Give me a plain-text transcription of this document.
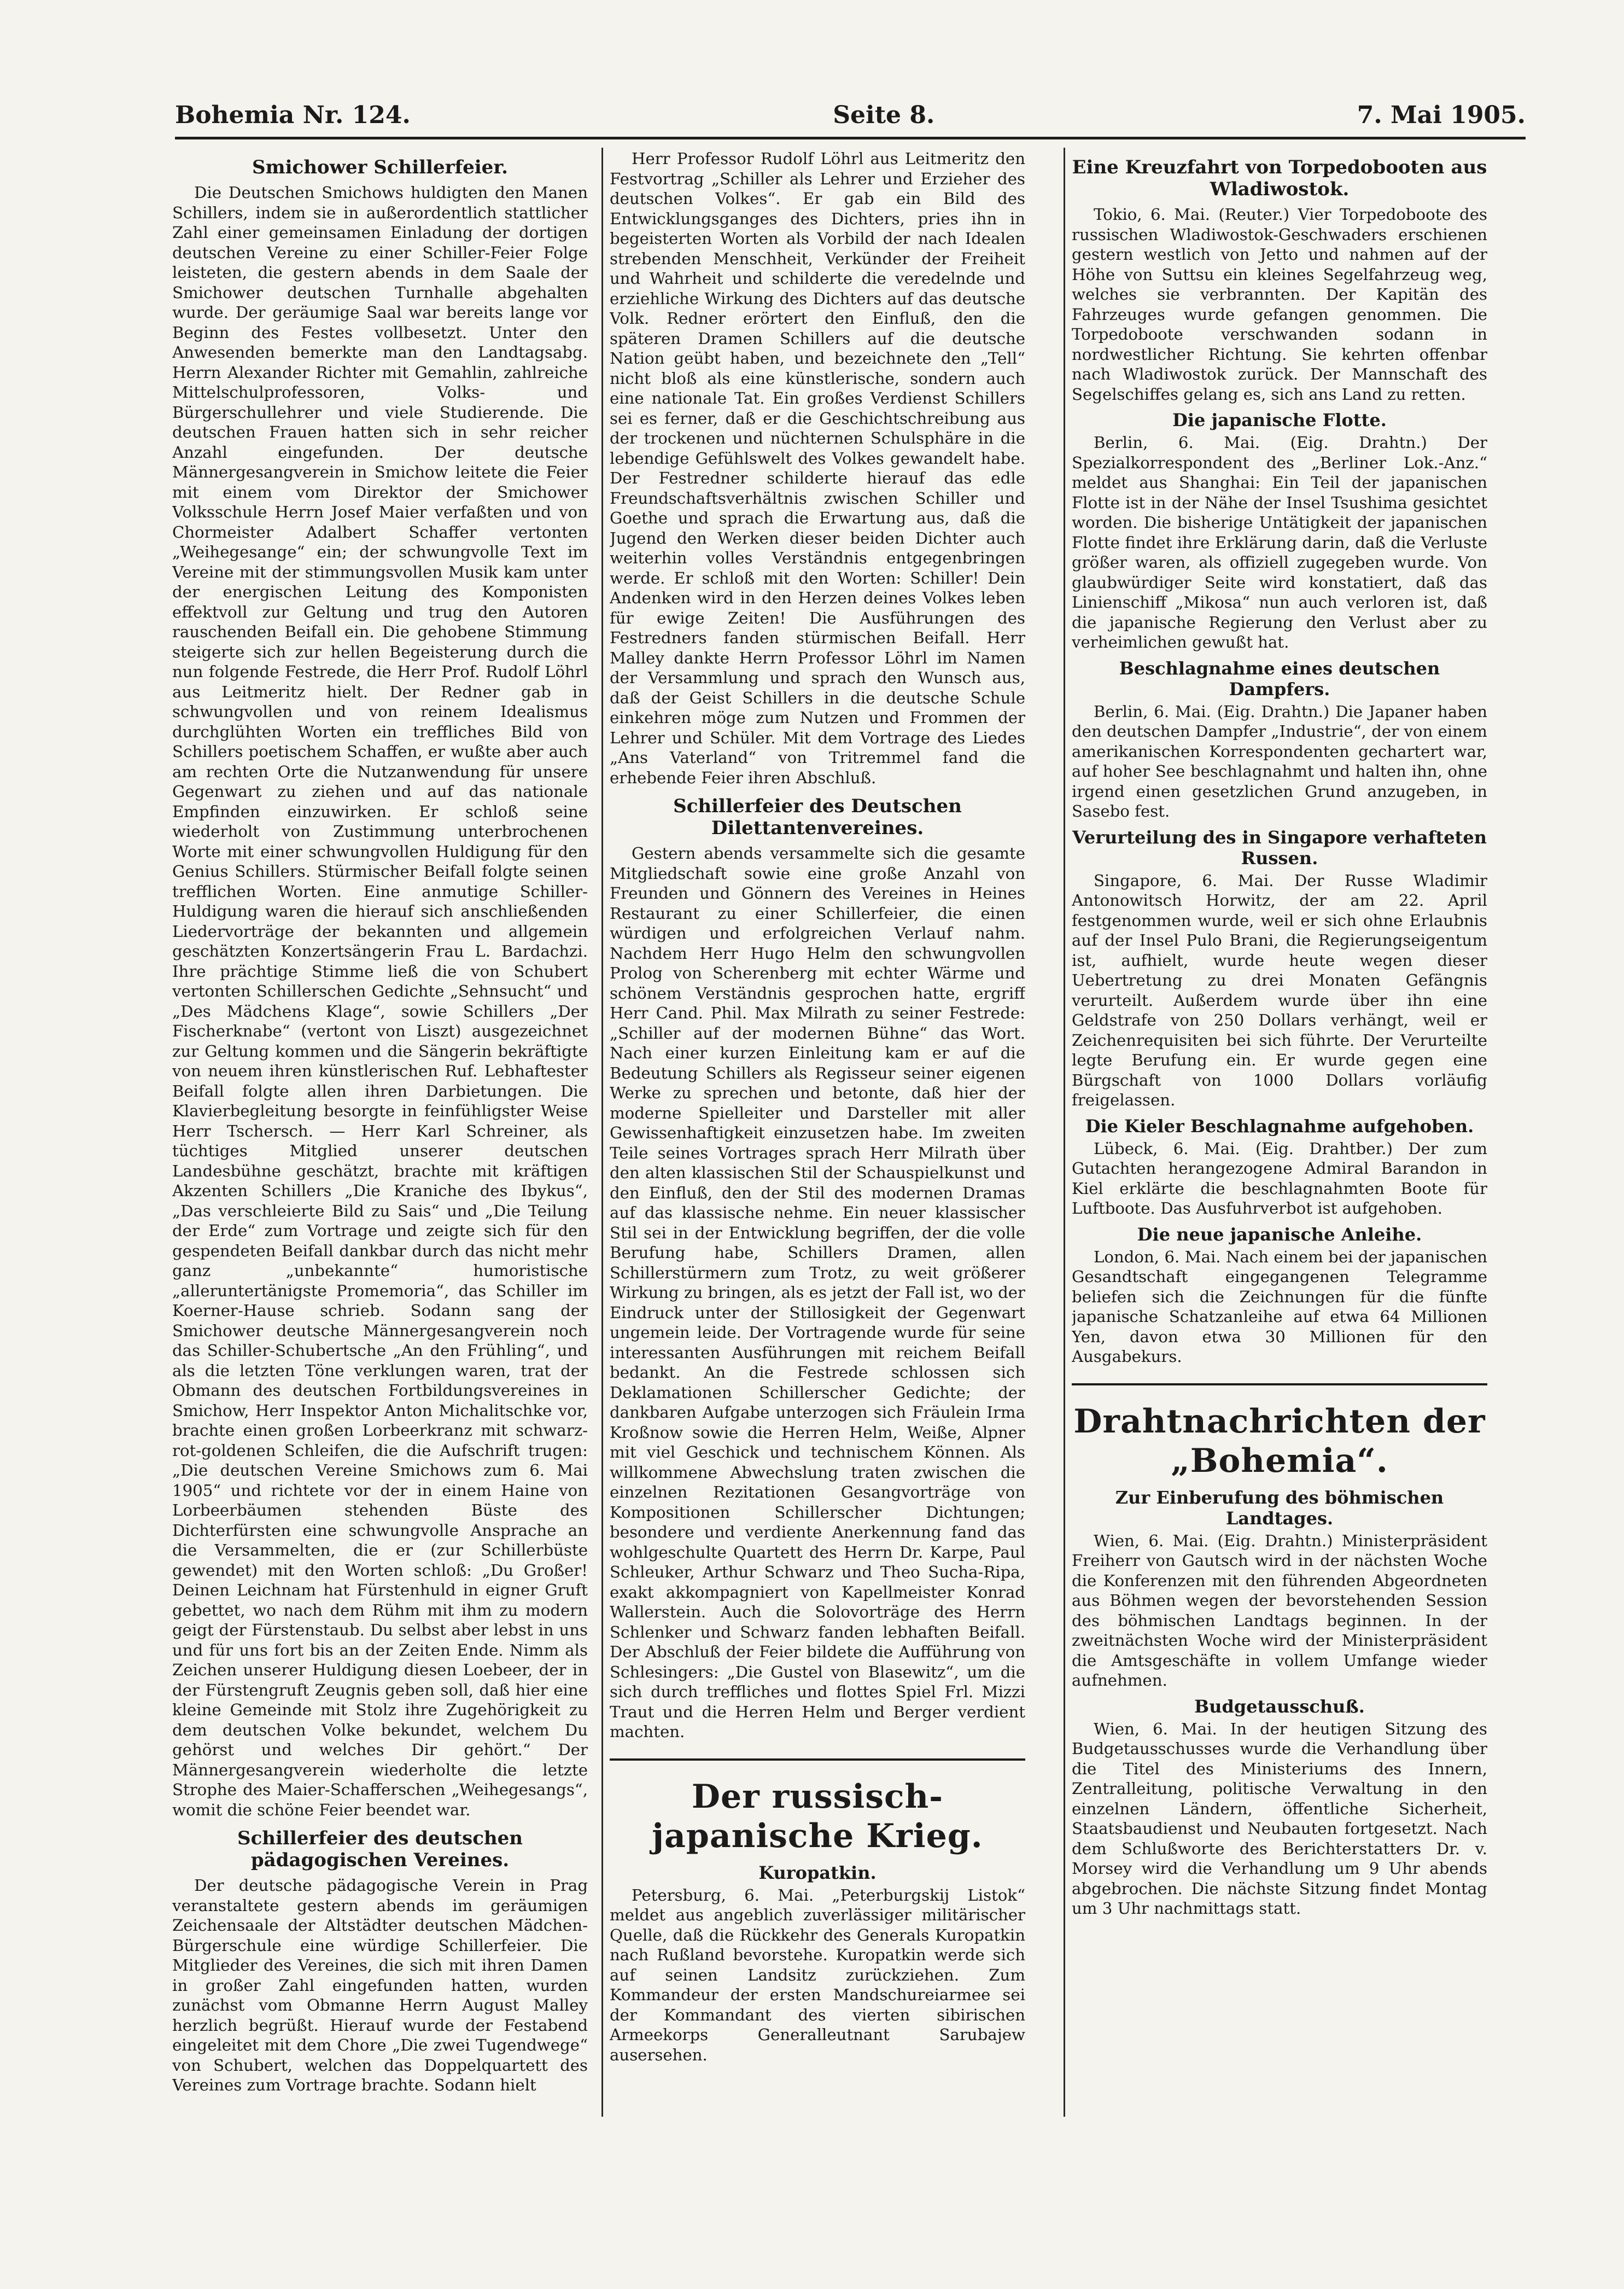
Bohemia Nr. 124.	Seite 8.	7. Mai 1905.
Smichower Schillerfeier.

Die Deutschen Smichows huldigten den Manen Schillers, indem sie in außerordentlich stattlicher Zahl einer gemeinsamen Einladung der dortigen deutschen Vereine zu einer Schiller-Feier Folge leisteten, die gestern abends in dem Saale der Smichower deutschen Turnhalle abgehalten wurde. Der geräumige Saal war bereits lange vor Beginn des Festes vollbesetzt. Unter den Anwesenden bemerkte man den Landtagsabg. Herrn Alexander Richter mit Gemahlin, zahlreiche Mittelschulprofessoren, Volks- und Bürgerschullehrer und viele Studierende. Die deutschen Frauen hatten sich in sehr reicher Anzahl eingefunden. Der deutsche Männergesangverein in Smichow leitete die Feier mit einem vom Direktor der Smichower Volksschule Herrn Josef Maier verfaßten und von Chormeister Adalbert Schaffer vertonten „Weihegesange“ ein; der schwungvolle Text im Vereine mit der stimmungsvollen Musik kam unter der energischen Leitung des Komponisten effektvoll zur Geltung und trug den Autoren rauschenden Beifall ein. Die gehobene Stimmung steigerte sich zur hellen Begeisterung durch die nun folgende Festrede, die Herr Prof. Rudolf Löhrl aus Leitmeritz hielt. Der Redner gab in schwungvollen und von reinem Idealismus durchglühten Worten ein treffliches Bild von Schillers poetischem Schaffen, er wußte aber auch am rechten Orte die Nutzanwendung für unsere Gegenwart zu ziehen und auf das nationale Empfinden einzuwirken. Er schloß seine wiederholt von Zustimmung unterbrochenen Worte mit einer schwungvollen Huldigung für den Genius Schillers. Stürmischer Beifall folgte seinen trefflichen Worten. Eine anmutige Schiller-Huldigung waren die hierauf sich anschließenden Liedervorträge der bekannten und allgemein geschätzten Konzertsängerin Frau L. Bardachzi. Ihre prächtige Stimme ließ die von Schubert vertonten Schillerschen Gedichte „Sehnsucht“ und „Des Mädchens Klage“, sowie Schillers „Der Fischerknabe“ (vertont von Liszt) ausgezeichnet zur Geltung kommen und die Sängerin bekräftigte von neuem ihren künstlerischen Ruf. Lebhaftester Beifall folgte allen ihren Darbietungen. Die Klavierbegleitung besorgte in feinfühligster Weise Herr Tschersch. — Herr Karl Schreiner, als tüchtiges Mitglied unserer deutschen Landesbühne geschätzt, brachte mit kräftigen Akzenten Schillers „Die Kraniche des Ibykus“, „Das verschleierte Bild zu Sais“ und „Die Teilung der Erde“ zum Vortrage und zeigte sich für den gespendeten Beifall dankbar durch das nicht mehr ganz „unbekannte“ humoristische „alleruntertänigste Promemoria“, das Schiller im Koerner-Hause schrieb. Sodann sang der Smichower deutsche Männergesangverein noch das Schiller-Schubertsche „An den Frühling“, und als die letzten Töne verklungen waren, trat der Obmann des deutschen Fortbildungsvereines in Smichow, Herr Inspektor Anton Michalitschke vor, brachte einen großen Lorbeerkranz mit schwarz-rot-goldenen Schleifen, die die Aufschrift trugen: „Die deutschen Vereine Smichows zum 6. Mai 1905“ und richtete vor der in einem Haine von Lorbeerbäumen stehenden Büste des Dichterfürsten eine schwungvolle Ansprache an die Versammelten, die er (zur Schillerbüste gewendet) mit den Worten schloß: „Du Großer! Deinen Leichnam hat Fürstenhuld in eigner Gruft gebettet, wo nach dem Rühm mit ihm zu modern geigt der Fürstenstaub. Du selbst aber lebst in uns und für uns fort bis an der Zeiten Ende. Nimm als Zeichen unserer Huldigung diesen Loebeer, der in der Fürstengruft Zeugnis geben soll, daß hier eine kleine Gemeinde mit Stolz ihre Zugehörigkeit zu dem deutschen Volke bekundet, welchem Du gehörst und welches Dir gehört.“ Der Männergesangverein wiederholte die letzte Strophe des Maier-Schafferschen „Weihegesangs“, womit die schöne Feier beendet war.

Schillerfeier des deutschen pädagogischen Vereines.

Der deutsche pädagogische Verein in Prag veranstaltete gestern abends im geräumigen Zeichensaale der Altstädter deutschen Mädchen-Bürgerschule eine würdige Schillerfeier. Die Mitglieder des Vereines, die sich mit ihren Damen in großer Zahl eingefunden hatten, wurden zunächst vom Obmanne Herrn August Malley herzlich begrüßt. Hierauf wurde der Festabend eingeleitet mit dem Chore „Die zwei Tugendwege“ von Schubert, welchen das Doppelquartett des Vereines zum Vortrage brachte. Sodann hielt

Herr Professor Rudolf Löhrl aus Leitmeritz den Festvortrag „Schiller als Lehrer und Erzieher des deutschen Volkes“. Er gab ein Bild des Entwicklungsganges des Dichters, pries ihn in begeisterten Worten als Vorbild der nach Idealen strebenden Menschheit, Verkünder der Freiheit und Wahrheit und schilderte die veredelnde und erziehliche Wirkung des Dichters auf das deutsche Volk. Redner erörtert den Einfluß, den die späteren Dramen Schillers auf die deutsche Nation geübt haben, und bezeichnete den „Tell“ nicht bloß als eine künstlerische, sondern auch eine nationale Tat. Ein großes Verdienst Schillers sei es ferner, daß er die Geschichtschreibung aus der trockenen und nüchternen Schulsphäre in die lebendige Gefühlswelt des Volkes gewandelt habe. Der Festredner schilderte hierauf das edle Freundschaftsverhältnis zwischen Schiller und Goethe und sprach die Erwartung aus, daß die Jugend den Werken dieser beiden Dichter auch weiterhin volles Verständnis entgegenbringen werde. Er schloß mit den Worten: Schiller! Dein Andenken wird in den Herzen deines Volkes leben für ewige Zeiten! Die Ausführungen des Festredners fanden stürmischen Beifall. Herr Malley dankte Herrn Professor Löhrl im Namen der Versammlung und sprach den Wunsch aus, daß der Geist Schillers in die deutsche Schule einkehren möge zum Nutzen und Frommen der Lehrer und Schüler. Mit dem Vortrage des Liedes „Ans Vaterland“ von Tritremmel fand die erhebende Feier ihren Abschluß.

Schillerfeier des Deutschen Dilettantenvereines.

Gestern abends versammelte sich die gesamte Mitgliedschaft sowie eine große Anzahl von Freunden und Gönnern des Vereines in Heines Restaurant zu einer Schillerfeier, die einen würdigen und erfolgreichen Verlauf nahm. Nachdem Herr Hugo Helm den schwungvollen Prolog von Scherenberg mit echter Wärme und schönem Verständnis gesprochen hatte, ergriff Herr Cand. Phil. Max Milrath zu seiner Festrede: „Schiller auf der modernen Bühne“ das Wort. Nach einer kurzen Einleitung kam er auf die Bedeutung Schillers als Regisseur seiner eigenen Werke zu sprechen und betonte, daß hier der moderne Spielleiter und Darsteller mit aller Gewissenhaftigkeit einzusetzen habe. Im zweiten Teile seines Vortrages sprach Herr Milrath über den alten klassischen Stil der Schauspielkunst und den Einfluß, den der Stil des modernen Dramas auf das klassische nehme. Ein neuer klassischer Stil sei in der Entwicklung begriffen, der die volle Berufung habe, Schillers Dramen, allen Schillerstürmern zum Trotz, zu weit größerer Wirkung zu bringen, als es jetzt der Fall ist, wo der Eindruck unter der Stillosigkeit der Gegenwart ungemein leide. Der Vortragende wurde für seine interessanten Ausführungen mit reichem Beifall bedankt. An die Festrede schlossen sich Deklamationen Schillerscher Gedichte; der dankbaren Aufgabe unterzogen sich Fräulein Irma Kroßnow sowie die Herren Helm, Weiße, Alpner mit viel Geschick und technischem Können. Als willkommene Abwechslung traten zwischen die einzelnen Rezitationen Gesangvorträge von Kompositionen Schillerscher Dichtungen; besondere und verdiente Anerkennung fand das wohlgeschulte Quartett des Herrn Dr. Karpe, Paul Schleuker, Arthur Schwarz und Theo Sucha-Ripa, exakt akkompagniert von Kapellmeister Konrad Wallerstein. Auch die Solovorträge des Herrn Schlenker und Schwarz fanden lebhaften Beifall. Der Abschluß der Feier bildete die Aufführung von Schlesingers: „Die Gustel von Blasewitz“, um die sich durch treffliches und flottes Spiel Frl. Mizzi Traut und die Herren Helm und Berger verdient machten.

Der russisch-japanische Krieg.
Kuropatkin.

Petersburg, 6. Mai. „Peterburgskij Listok“ meldet aus angeblich zuverlässiger militärischer Quelle, daß die Rückkehr des Generals Kuropatkin nach Rußland bevorstehe. Kuropatkin werde sich auf seinen Landsitz zurückziehen. Zum Kommandeur der ersten Mandschureiarmee sei der Kommandant des vierten sibirischen Armeekorps Generalleutnant Sarubajew ausersehen.

Eine Kreuzfahrt von Torpedobooten aus Wladiwostok.

Tokio, 6. Mai. (Reuter.) Vier Torpedoboote des russischen Wladiwostok-Geschwaders erschienen gestern westlich von Jetto und nahmen auf der Höhe von Suttsu ein kleines Segelfahrzeug weg, welches sie verbrannten. Der Kapitän des Fahrzeuges wurde gefangen genommen. Die Torpedoboote verschwanden sodann in nordwestlicher Richtung. Sie kehrten offenbar nach Wladiwostok zurück. Der Mannschaft des Segelschiffes gelang es, sich ans Land zu retten.

Die japanische Flotte.

Berlin, 6. Mai. (Eig. Drahtn.) Der Spezialkorrespondent des „Berliner Lok.-Anz.“ meldet aus Shanghai: Ein Teil der japanischen Flotte ist in der Nähe der Insel Tsushima gesichtet worden. Die bisherige Untätigkeit der japanischen Flotte findet ihre Erklärung darin, daß die Verluste größer waren, als offiziell zugegeben wurde. Von glaubwürdiger Seite wird konstatiert, daß das Linienschiff „Mikosa“ nun auch verloren ist, daß die japanische Regierung den Verlust aber zu verheimlichen gewußt hat.

Beschlagnahme eines deutschen Dampfers.

Berlin, 6. Mai. (Eig. Drahtn.) Die Japaner haben den deutschen Dampfer „Industrie“, der von einem amerikanischen Korrespondenten gechartert war, auf hoher See beschlagnahmt und halten ihn, ohne irgend einen gesetzlichen Grund anzugeben, in Sasebo fest.

Verurteilung des in Singapore verhafteten Russen.

Singapore, 6. Mai. Der Russe Wladimir Antonowitsch Horwitz, der am 22. April festgenommen wurde, weil er sich ohne Erlaubnis auf der Insel Pulo Brani, die Regierungseigentum ist, aufhielt, wurde heute wegen dieser Uebertretung zu drei Monaten Gefängnis verurteilt. Außerdem wurde über ihn eine Geldstrafe von 250 Dollars verhängt, weil er Zeichenrequisiten bei sich führte. Der Verurteilte legte Berufung ein. Er wurde gegen eine Bürgschaft von 1000 Dollars vorläufig freigelassen.

Die Kieler Beschlagnahme aufgehoben.

Lübeck, 6. Mai. (Eig. Drahtber.) Der zum Gutachten herangezogene Admiral Barandon in Kiel erklärte die beschlagnahmten Boote für Luftboote. Das Ausfuhrverbot ist aufgehoben.

Die neue japanische Anleihe.

London, 6. Mai. Nach einem bei der japanischen Gesandtschaft eingegangenen Telegramme beliefen sich die Zeichnungen für die fünfte japanische Schatzanleihe auf etwa 64 Millionen Yen, davon etwa 30 Millionen für den Ausgabekurs.

Drahtnachrichten der „Bohemia“.
Zur Einberufung des böhmischen Landtages.

Wien, 6. Mai. (Eig. Drahtn.) Ministerpräsident Freiherr von Gautsch wird in der nächsten Woche die Konferenzen mit den führenden Abgeordneten aus Böhmen wegen der bevorstehenden Session des böhmischen Landtags beginnen. In der zweitnächsten Woche wird der Ministerpräsident die Amtsgeschäfte in vollem Umfange wieder aufnehmen.

Budgetausschuß.

Wien, 6. Mai. In der heutigen Sitzung des Budgetausschusses wurde die Verhandlung über die Titel des Ministeriums des Innern, Zentralleitung, politische Verwaltung in den einzelnen Ländern, öffentliche Sicherheit, Staatsbaudienst und Neubauten fortgesetzt. Nach dem Schlußworte des Berichterstatters Dr. v. Morsey wird die Verhandlung um 9 Uhr abends abgebrochen. Die nächste Sitzung findet Montag um 3 Uhr nachmittags statt.
